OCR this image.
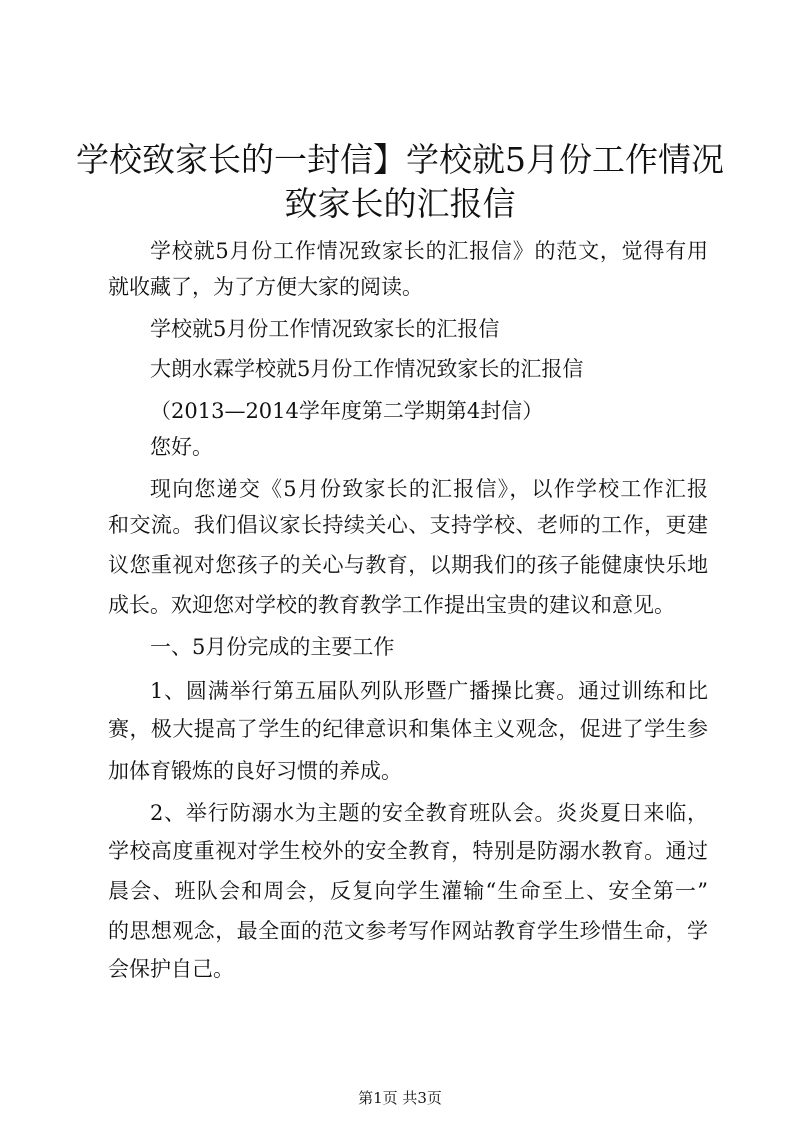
学校致家长的一封信】学校就5月份工作情况
致家长的汇报信
学校就5月份工作情况致家长的汇报信》的范文，觉得有用
就收藏了，为了方便大家的阅读。
学校就5月份工作情况致家长的汇报信
大朗水霖学校就5月份工作情况致家长的汇报信
（2013—2014学年度第二学期第4封信）
您好。
现向您递交《5月份致家长的汇报信》，以作学校工作汇报
和交流。我们倡议家长持续关心、支持学校、老师的工作，更建
议您重视对您孩子的关心与教育，以期我们的孩子能健康快乐地
成长。欢迎您对学校的教育教学工作提出宝贵的建议和意见。
一、5月份完成的主要工作
1、圆满举行第五届队列队形暨广播操比赛。通过训练和比
赛，极大提高了学生的纪律意识和集体主义观念，促进了学生参
加体育锻炼的良好习惯的养成。
2、举行防溺水为主题的安全教育班队会。炎炎夏日来临，
学校高度重视对学生校外的安全教育，特别是防溺水教育。通过
晨会、班队会和周会，反复向学生灌输“生命至上、安全第一”
的思想观念，最全面的范文参考写作网站教育学生珍惜生命，学
会保护自己。
第1页 共3页
